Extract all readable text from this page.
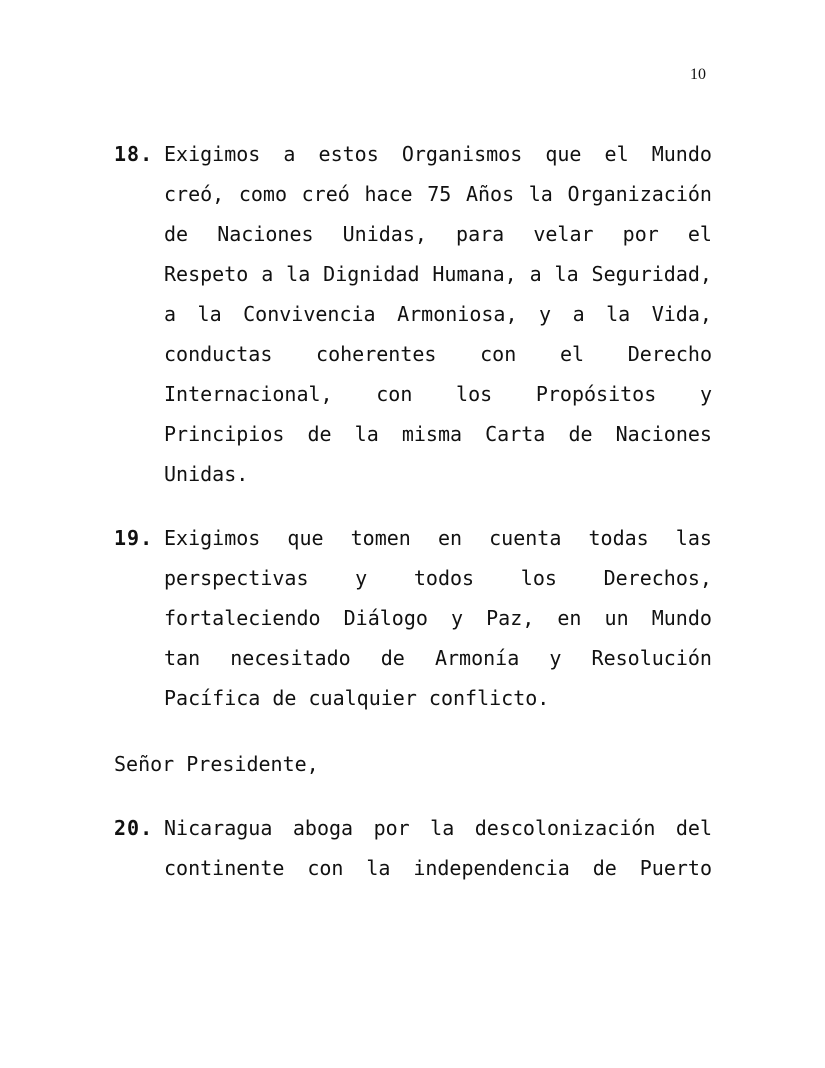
10
18. Exigimos a estos Organismos que el Mundo
creó, como creó hace 75 Años la Organización
de Naciones Unidas, para velar por el
Respeto a la Dignidad Humana, a la Seguridad,
a la Convivencia Armoniosa, y a la Vida,
conductas coherentes con el Derecho
Internacional, con los Propósitos y
Principios de la misma Carta de Naciones
Unidas.
19. Exigimos que tomen en cuenta todas las
perspectivas y todos los Derechos,
fortaleciendo Diálogo y Paz, en un Mundo
tan necesitado de Armonía y Resolución
Pacífica de cualquier conflicto.
Señor Presidente,
20. Nicaragua aboga por la descolonización del
continente con la independencia de Puerto
